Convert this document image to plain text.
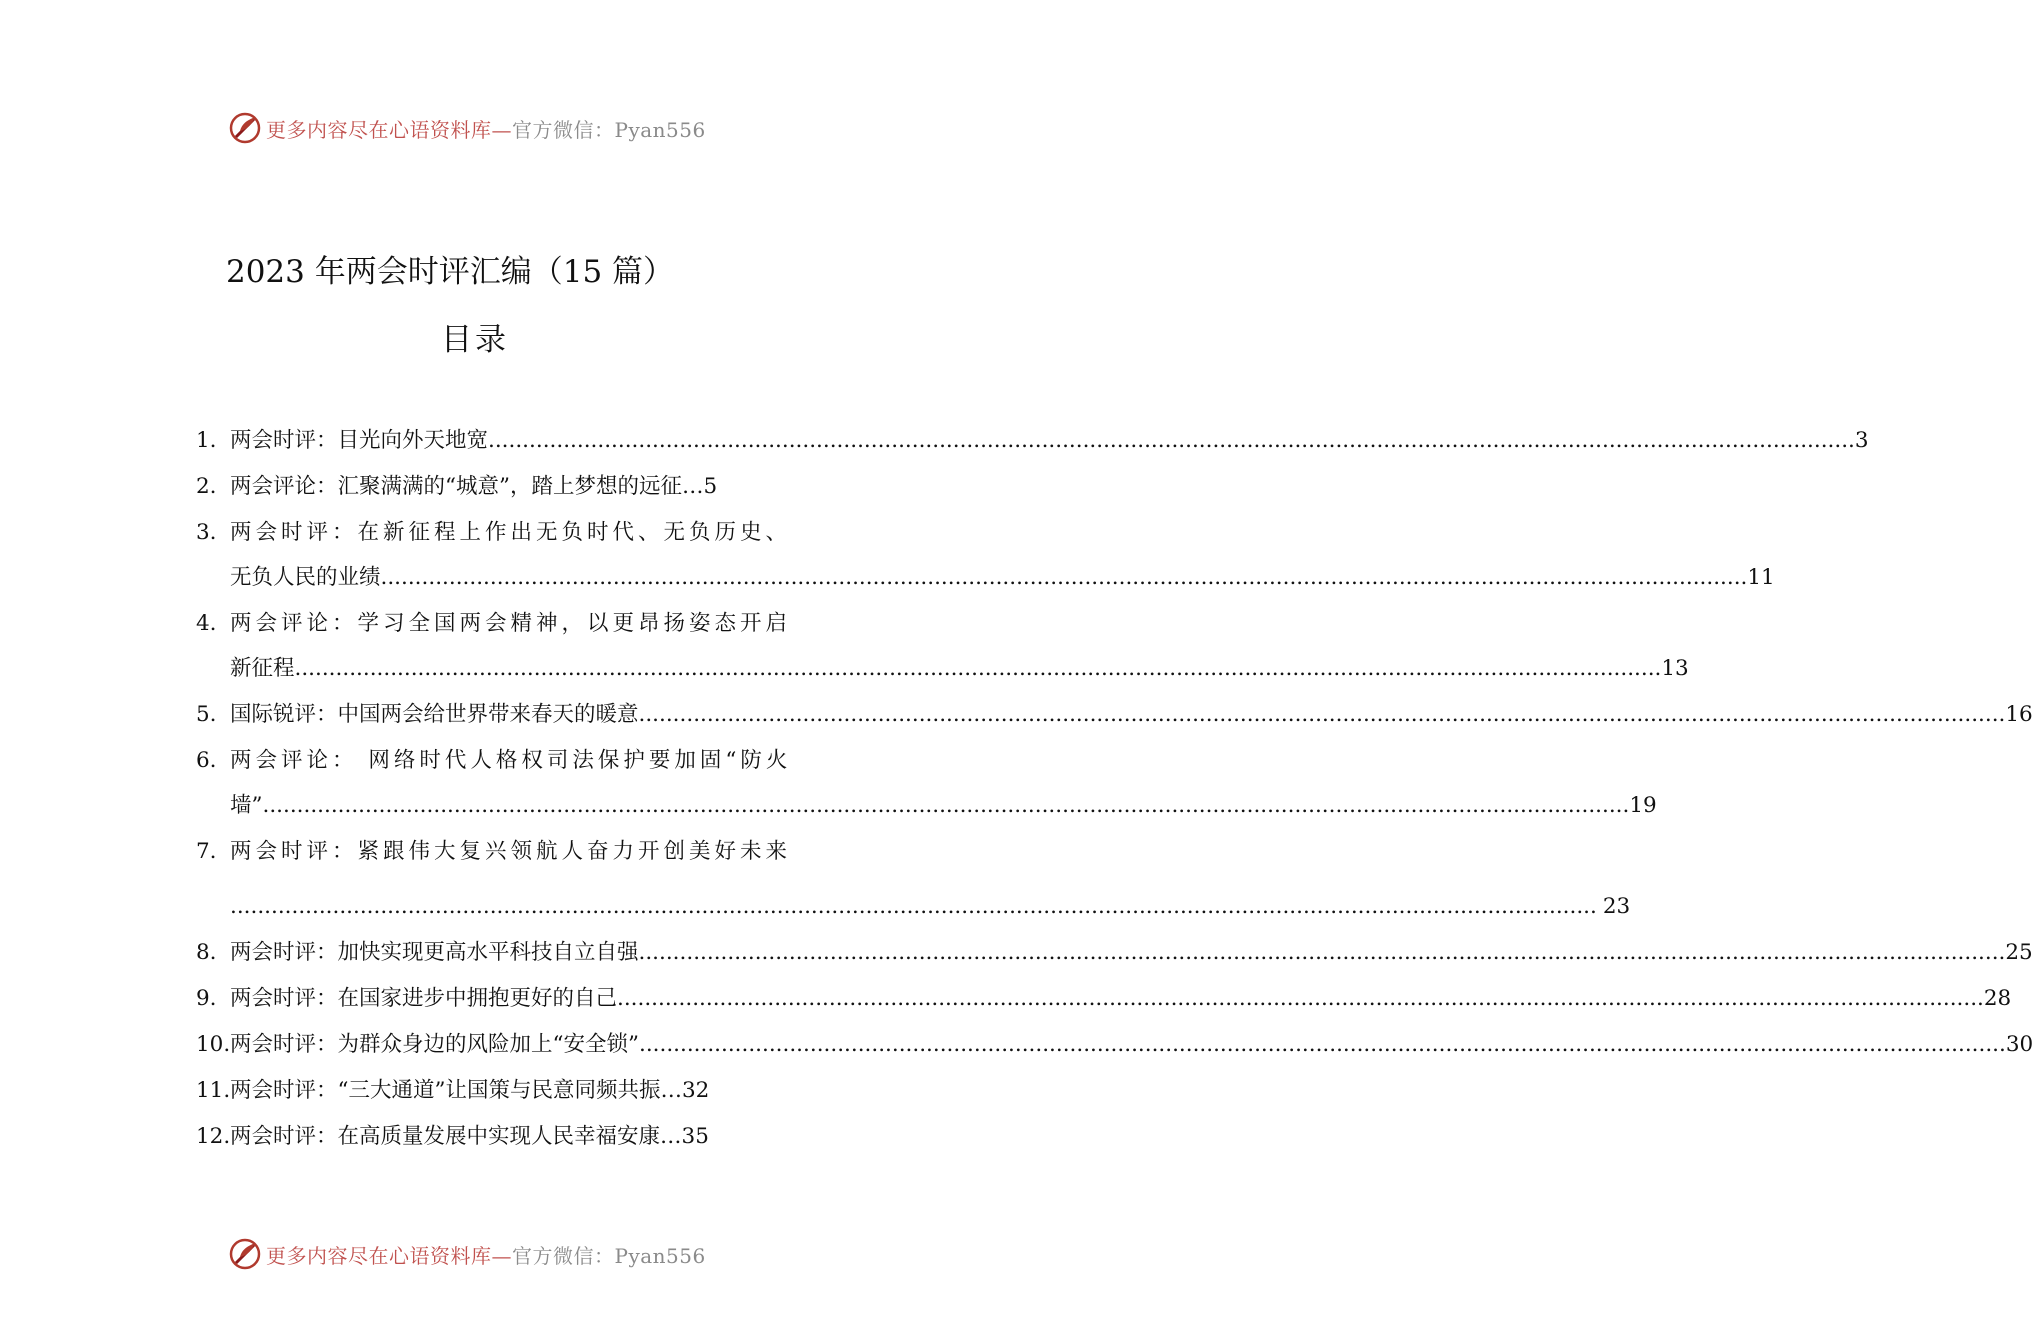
更多内容尽在心语资料库—官方微信：Pyan556
2023 年两会时评汇编（15 篇）
目录
1. 两会时评：目光向外天地宽 .....	3
2. 两会评论：汇聚满满的“城意”，踏上梦想的远征… 5
3. 两会时评：在新征程上作出无负时代、无负历史、
无负人民的业绩 .....	11
4. 两会评论：学习全国两会精神，以更昂扬姿态开启
新征程 .....	13
5. 国际锐评：中国两会给世界带来春天的暖意 .....	16
6. 两会评论： 网络时代人格权司法保护要加固“防火
墙” .....	19
7. 两会时评：紧跟伟大复兴领航人奋力开创美好未来
.....
23
8. 两会时评：加快实现更高水平科技自立自强 .....	25
9. 两会时评：在国家进步中拥抱更好的自己 .....	28
10. 两会时评：为群众身边的风险加上“安全锁” .....	30
11. 两会时评：“三大通道”让国策与民意同频共振… 32
12. 两会时评：在高质量发展中实现人民幸福安康… 35
更多内容尽在心语资料库—官方微信：Pyan556
